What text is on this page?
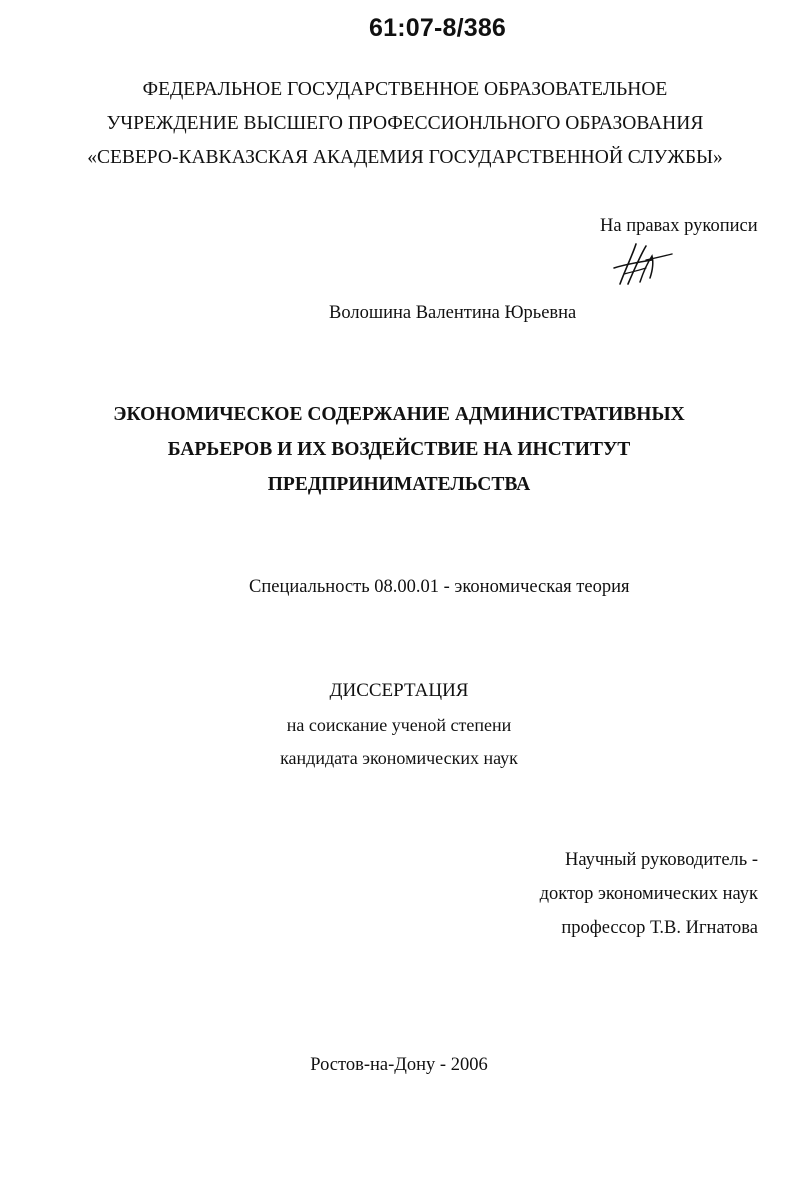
61:07-8/386
ФЕДЕРАЛЬНОЕ ГОСУДАРСТВЕННОЕ ОБРАЗОВАТЕЛЬНОЕ
УЧРЕЖДЕНИЕ ВЫСШЕГО ПРОФЕССИОНЛЬНОГО ОБРАЗОВАНИЯ
«СЕВЕРО-КАВКАЗСКАЯ АКАДЕМИЯ ГОСУДАРСТВЕННОЙ СЛУЖБЫ»
На правах рукописи
Волошина Валентина Юрьевна
ЭКОНОМИЧЕСКОЕ СОДЕРЖАНИЕ АДМИНИСТРАТИВНЫХ
БАРЬЕРОВ И ИХ ВОЗДЕЙСТВИЕ НА ИНСТИТУТ
ПРЕДПРИНИМАТЕЛЬСТВА
Специальность 08.00.01 - экономическая теория
ДИССЕРТАЦИЯ
на соискание ученой степени
кандидата экономических наук
Научный руководитель -
доктор экономических наук
профессор Т.В. Игнатова
Ростов-на-Дону - 2006
